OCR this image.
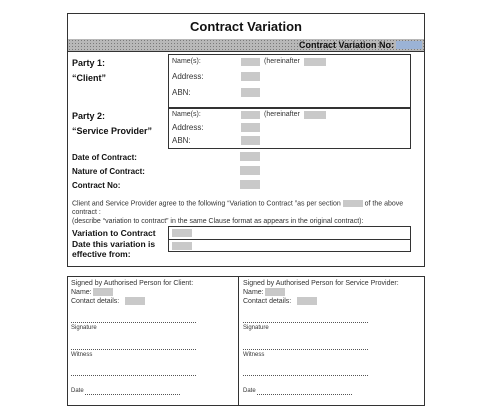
Contract Variation
Contract Variation No:
Party 1:
“Client”
Name(s):	(hereinafter
Address:
ABN:
Party 2:
“Service Provider”
Name(s):	(hereinafter
Address:
ABN:
Date of Contract:
Nature of Contract:
Contract No:
Client and Service Provider agree to the following “Variation to Contract ”as per section	of the above
contract :
(describe “variation to contract” in the same Clause format as appears in the original contract):
Variation to Contract
Date this variation is
effective from:
Signed by Authorised Person for Client:
Name:
Contact details:
Signature
Witness
Date
Signed by Authorised Person for Service Provider:
Name:
Contact details:
Signature
Witness
Date
